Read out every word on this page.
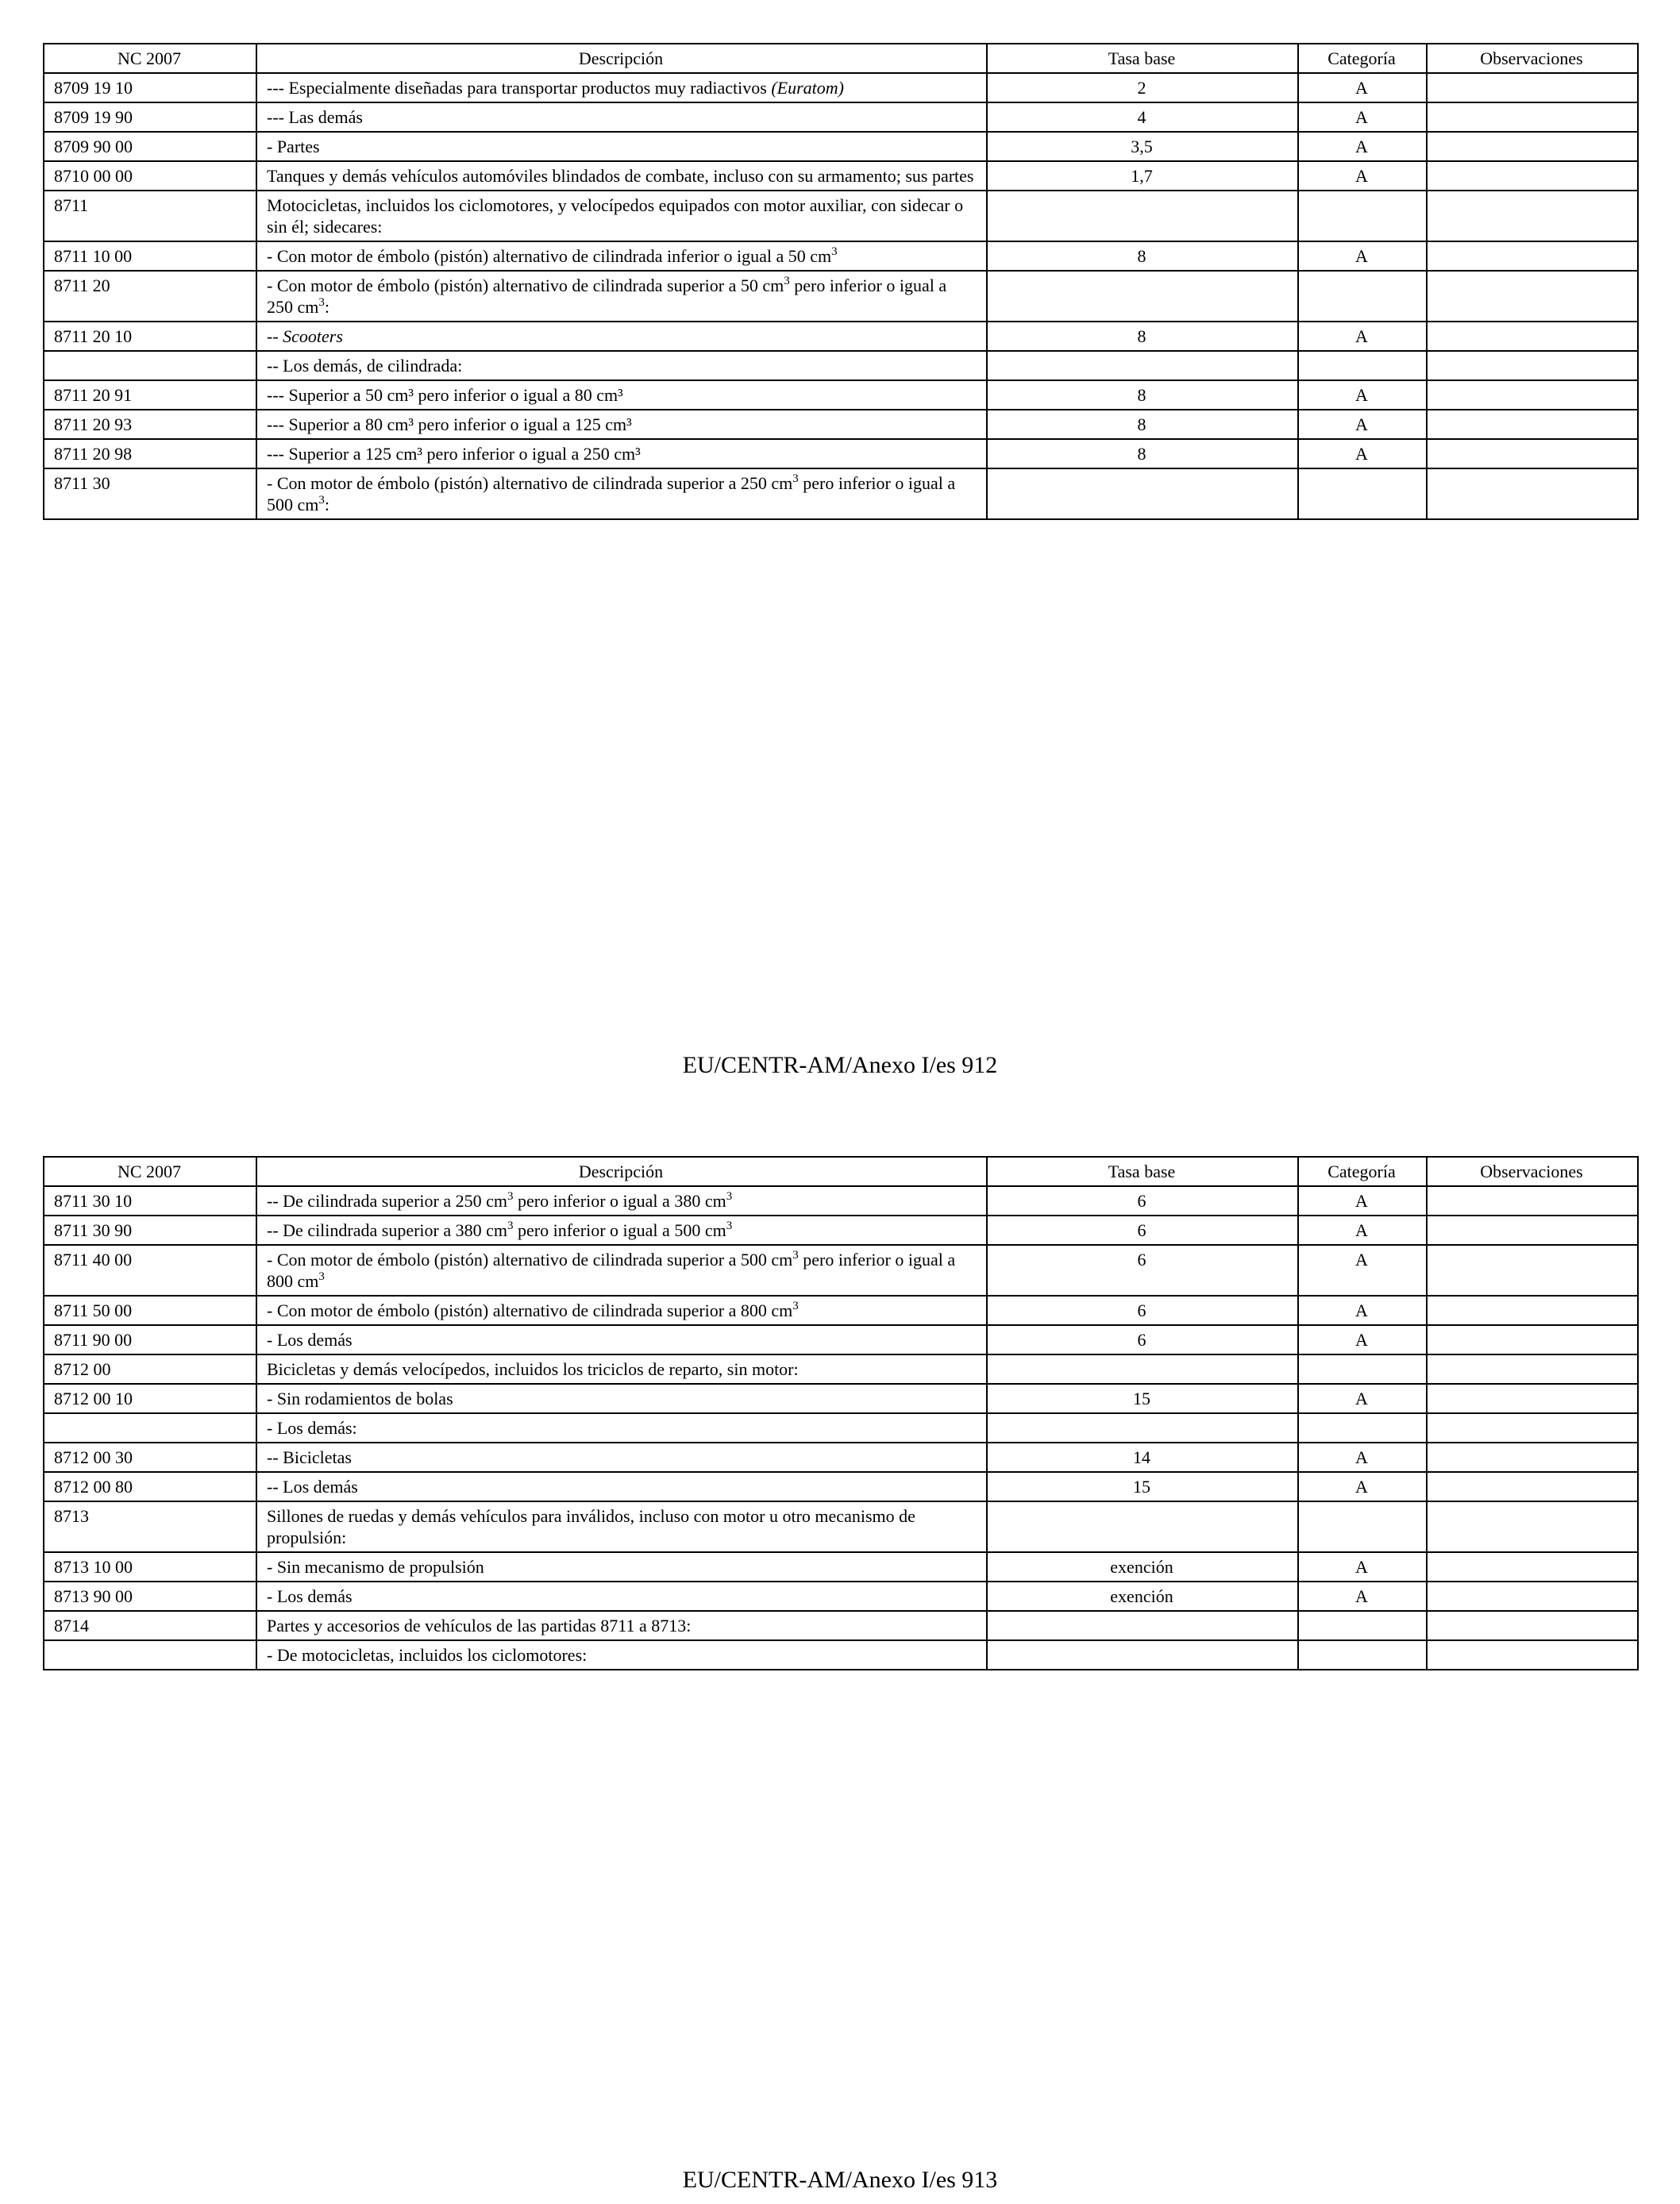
NC 2007	Descripción	Tasa base	Categoría	Observaciones
8709 19 10	--- Especialmente diseñadas para transportar productos muy radiactivos (Euratom)	2	A	
8709 19 90	--- Las demás	4	A	
8709 90 00	- Partes	3,5	A	
8710 00 00	Tanques y demás vehículos automóviles blindados de combate, incluso con su armamento; sus partes	1,7	A	
8711	Motocicletas, incluidos los ciclomotores, y velocípedos equipados con motor auxiliar, con sidecar o sin él; sidecares:			
8711 10 00	- Con motor de émbolo (pistón) alternativo de cilindrada inferior o igual a 50 $cm^3$	8	A	
8711 20	- Con motor de émbolo (pistón) alternativo de cilindrada superior a 50 $cm^3$ pero inferior o igual a 250 $cm^3$:			
8711 20 10	-- Scooters	8	A	
	-- Los demás, de cilindrada:			
8711 20 91	--- Superior a 50 cm³ pero inferior o igual a 80 cm³	8	A	
8711 20 93	--- Superior a 80 cm³ pero inferior o igual a 125 cm³	8	A	
8711 20 98	--- Superior a 125 cm³ pero inferior o igual a 250 cm³	8	A	
8711 30	- Con motor de émbolo (pistón) alternativo de cilindrada superior a 250 $cm^3$ pero inferior o igual a 500 $cm^3$:			
EU/CENTR-AM/Anexo I/es 912
NC 2007	Descripción	Tasa base	Categoría	Observaciones
8711 30 10	-- De cilindrada superior a 250 $cm^3$ pero inferior o igual a 380 $cm^3$	6	A	
8711 30 90	-- De cilindrada superior a 380 $cm^3$ pero inferior o igual a 500 $cm^3$	6	A	
8711 40 00	- Con motor de émbolo (pistón) alternativo de cilindrada superior a 500 $cm^3$ pero inferior o igual a 800 $cm^3$	6	A	
8711 50 00	- Con motor de émbolo (pistón) alternativo de cilindrada superior a 800 $cm^3$	6	A	
8711 90 00	- Los demás	6	A	
8712 00	Bicicletas y demás velocípedos, incluidos los triciclos de reparto, sin motor:			
8712 00 10	- Sin rodamientos de bolas	15	A	
	- Los demás:			
8712 00 30	-- Bicicletas	14	A	
8712 00 80	-- Los demás	15	A	
8713	Sillones de ruedas y demás vehículos para inválidos, incluso con motor u otro mecanismo de propulsión:			
8713 10 00	- Sin mecanismo de propulsión	exención	A	
8713 90 00	- Los demás	exención	A	
8714	Partes y accesorios de vehículos de las partidas 8711 a 8713:			
	- De motocicletas, incluidos los ciclomotores:			
EU/CENTR-AM/Anexo I/es 913
